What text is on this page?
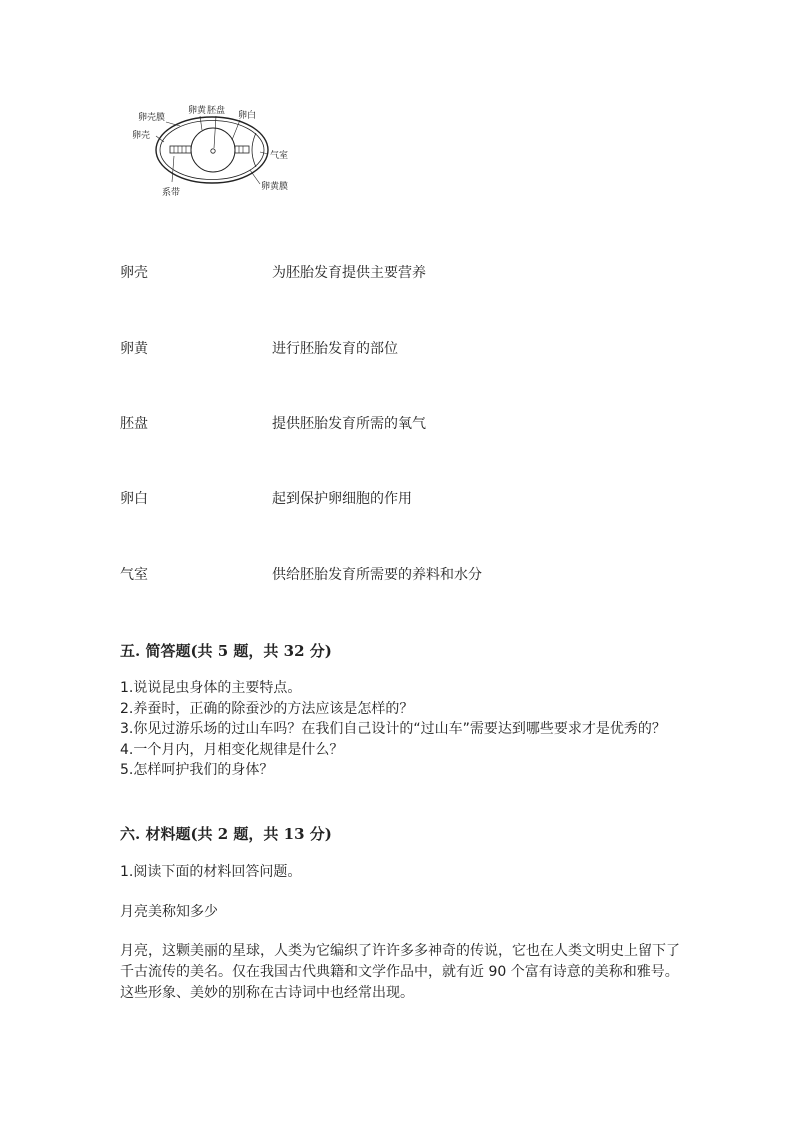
卵壳膜
卵壳
卵黄 胚盘 卵白
气室
系带
卵黄膜
卵壳	为胚胎发育提供主要营养
卵黄	进行胚胎发育的部位
胚盘	提供胚胎发育所需的氧气
卵白	起到保护卵细胞的作用
气室	供给胚胎发育所需要的养料和水分
五. 简答题(共 5 题，共 32 分)
1.说说昆虫身体的主要特点。
2.养蚕时，正确的除蚕沙的方法应该是怎样的？
3.你见过游乐场的过山车吗？在我们自己设计的“过山车”需要达到哪些要求才是优秀的？
4.一个月内，月相变化规律是什么？
5.怎样呵护我们的身体？
六. 材料题(共 2 题，共 13 分)
1.阅读下面的材料回答问题。
月亮美称知多少
月亮，这颗美丽的星球，人类为它编织了许许多多神奇的传说，它也在人类文明史上留下了千古流传的美名。仅在我国古代典籍和文学作品中，就有近 90 个富有诗意的美称和雅号。这些形象、美妙的别称在古诗词中也经常出现。
